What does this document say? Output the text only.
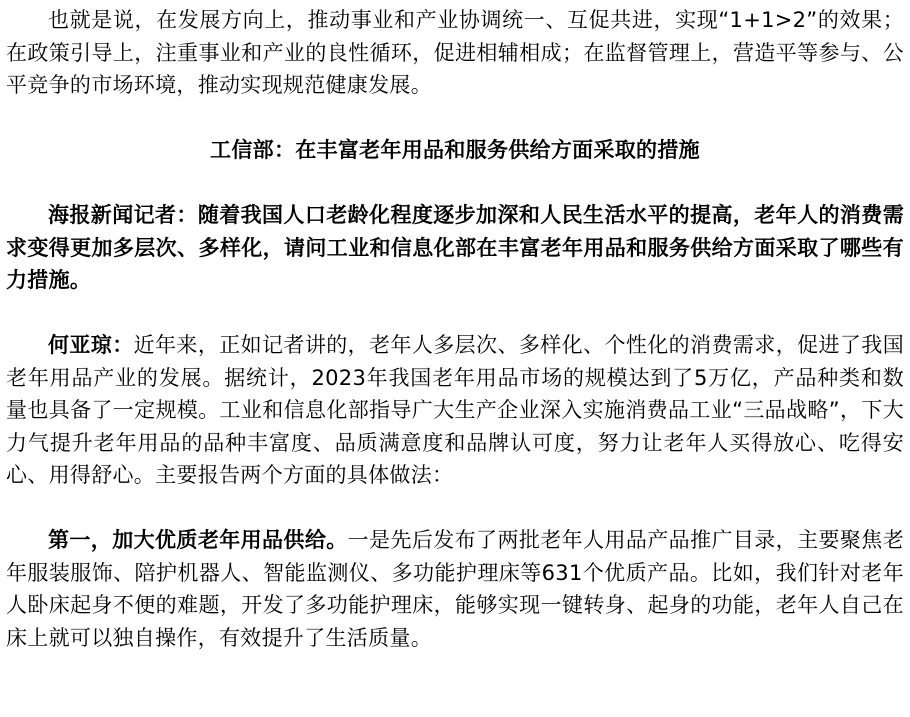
也就是说，在发展方向上，推动事业和产业协调统一、互促共进，实现“1+1>2”的效果；在政策引导上，注重事业和产业的良性循环，促进相辅相成；在监督管理上，营造平等参与、公平竞争的市场环境，推动实现规范健康发展。

工信部：在丰富老年用品和服务供给方面采取的措施

海报新闻记者：随着我国人口老龄化程度逐步加深和人民生活水平的提高，老年人的消费需求变得更加多层次、多样化，请问工业和信息化部在丰富老年用品和服务供给方面采取了哪些有力措施。

何亚琼：近年来，正如记者讲的，老年人多层次、多样化、个性化的消费需求，促进了我国老年用品产业的发展。据统计，2023年我国老年用品市场的规模达到了5万亿，产品种类和数量也具备了一定规模。工业和信息化部指导广大生产企业深入实施消费品工业“三品战略”，下大力气提升老年用品的品种丰富度、品质满意度和品牌认可度，努力让老年人买得放心、吃得安心、用得舒心。主要报告两个方面的具体做法：

第一，加大优质老年用品供给。一是先后发布了两批老年人用品产品推广目录，主要聚焦老年服装服饰、陪护机器人、智能监测仪、多功能护理床等631个优质产品。比如，我们针对老年人卧床起身不便的难题，开发了多功能护理床，能够实现一键转身、起身的功能，老年人自己在床上就可以独自操作，有效提升了生活质量。
